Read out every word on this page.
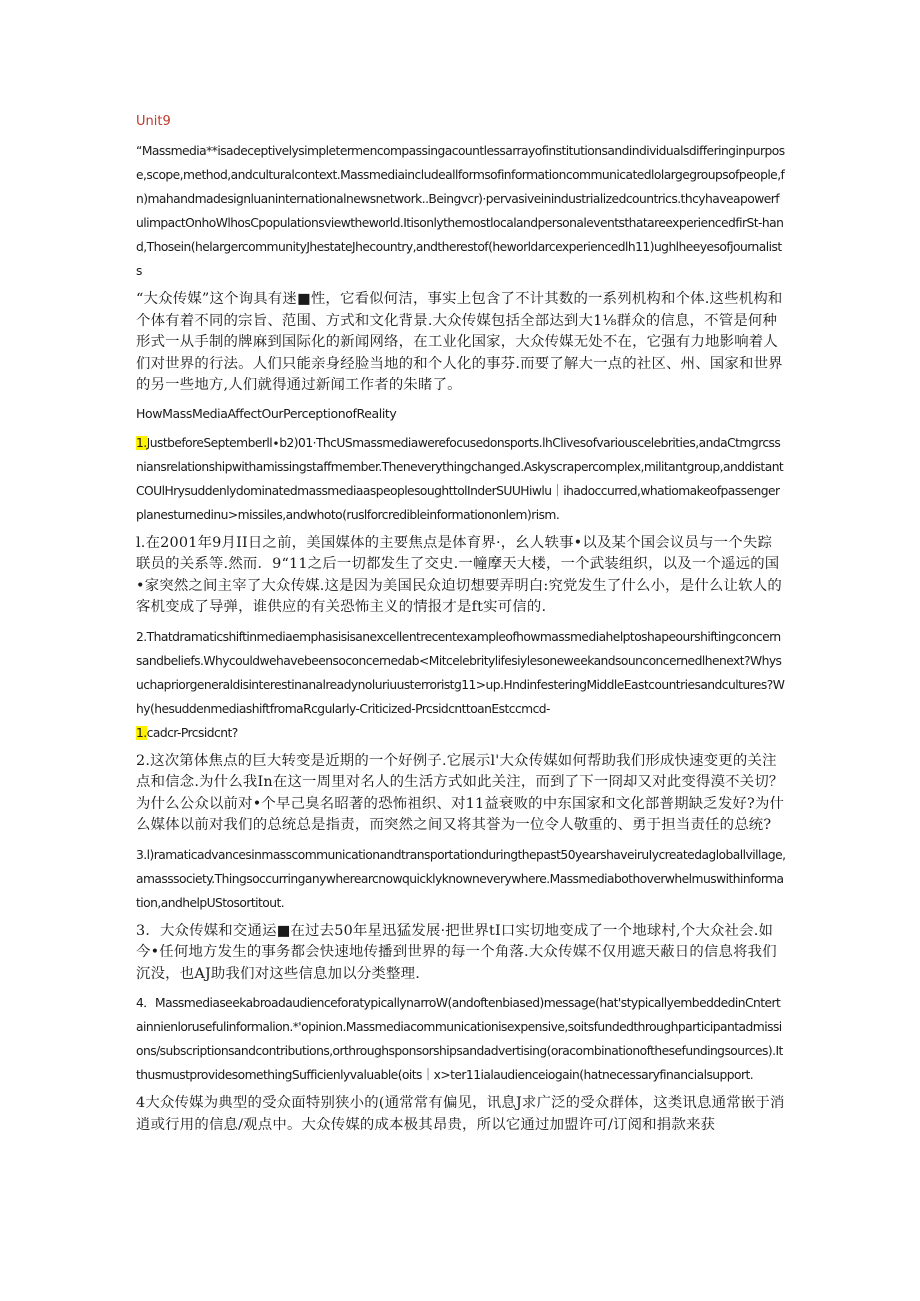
Unit9

“Massmedia**isadeceptivelysimpletermencompassingacountlessarrayofinstitutionsandindividualsdifferinginpurpose,scope,method,andculturalcontext.Massmediaincludeallformsofinformationcommunicatedlolargegroupsofpeople,fn)mahandmadesignluaninternationalnewsnetwork..Beingvcr)·pervasiveinindustrializedcountrics.thcyhaveapowerfulimpactOnhoWlhosCpopulationsviewtheworld.ItisonlythemostlocalandpersonaleventsthatareexperiencedfirSt-hand,Thosein(helargercommunityJhestateJhecountry,andtherestof(heworldarcexperiencedlh11)ughlheeyesofjournalists

“大众传媒”这个询具有迷■性，它看似何洁，事实上包含了不计其数的一系列机构和个体.这些机构和个体有着不同的宗旨、范围、方式和文化背景.大众传媒包括全部达到大1⅛群众的信息，不管是何种形式一从手制的牌麻到国际化的新闻网络，在工业化国家，大众传媒无处不在，它强有力地影响着人们对世界的行法。人们只能亲身经脸当地的和个人化的事芬.而要了解大一点的社区、州、国家和世界的另一些地方,人们就得通过新闻工作者的朱睹了。

HowMassMediaAffectOurPerceptionofReality

1.JustbeforeSeptemberll∙b2)01·ThcUSmassmediawerefocusedonsports.lhClivesofvariouscelebrities,andaCtmgrcssniansrelationshipwithamissingstaffmember.Theneverythingchanged.Askyscrapercomplex,militantgroup,anddistantCOUlHrysuddenlydominatedmassmediaaspeoplesoughttolInderSUUHiwlu｜ihadoccurred,whatiomakeofpassengerplanesturnedinu>missiles,andwhoto(ruslforcredibleinformationonlem)rism.

l.在2001年9月II日之前，美国媒体的主要焦点是体育界·，幺人轶事•以及某个国会议员与一个失踪联员的关系等.然而．9“11之后一切都发生了交史.一幢摩天大楼，一个武装组织，以及一个遥远的国•家突然之间主宰了大众传媒.这是因为美国民众迫切想要弄明白:究党发生了什么小，是什么让软人的客机变成了导弹，谁供应的有关恐怖主义的情报才是ft实可信的.

2.Thatdramaticshiftinmediaemphasisisanexcellentrecentexampleofhowmassmediahelptoshapeourshiftingconcernsandbeliefs.Whycouldwehavebeensoconcernedab<Mitcelebritylifesiylesoneweekandsounconcernedlhenext?Whysuchapriorgeneraldisinterestinanalreadynoluriuusterroristg11>up.HndinfesteringMiddleEastcountriesandcultures?Why(hesuddenmediashiftfromaRcgularly-Criticized-PrcsidcnttoanEstccmcd-
1.cadcr-Prcsidcnt?

2.这次第体焦点的巨大转变是近期的一个好例子.它展示l'大众传媒如何帮助我们形成快速变更的关注点和信念.为什么我In在这一周里对名人的生活方式如此关注，而到了下一冏却又对此变得漠不关切？为什么公众以前对•个早己臭名昭著的恐怖祖织、对11益衰败的中东国家和文化部普期缺乏发好?为什么媒体以前对我们的总统总是指责，而突然之间又将其誉为一位令人敬重的、勇于担当责任的总统?

3.l)ramaticadvancesinmasscommunicationandtransportationduringthepast50yearshaveiruIycreatedagloballvillage,amasssociety.Thingsoccurringanywherearcnowquicklyknowneverywhere.Massmediabothoverwhelmuswithinformation,andhelpUStosortitout.

3．大众传媒和交通运■在过去50年星迅猛发展·把世界tI口实切地变成了一个地球村,个大众社会.如今•任何地方发生的事务都会快速地传播到世界的每一个角落.大众传媒不仅用遮天蔽日的信息将我们沉没，也AJ助我们对这些信息加以分类整理.

4．MassmediaseekabroadaudienceforatypicallynarroW(andoftenbiased)message(hat'stypicallyembeddedinCntertainnienlorusefulinformalion.*'opinion.Massmediacommunicationisexpensive,soitsfundedthroughparticipantadmissions/subscriptionsandcontributions,orthroughsponsorshipsandadvertising(oracombinationofthesefundingsources).ItthusmustprovidesomethingSufficienlyvaluable(oits｜x>ter11ialaudienceiogain(hatnecessaryfinancialsupport.

4大众传媒为典型的受众面特别狭小的(通常常有偏见，讯息J求广泛的受众群体，这类讯息通常嵌于消逍或行用的信息/观点中。大众传媒的成本极其昂贵，所以它通过加盟许可/订阅和捐款来获
